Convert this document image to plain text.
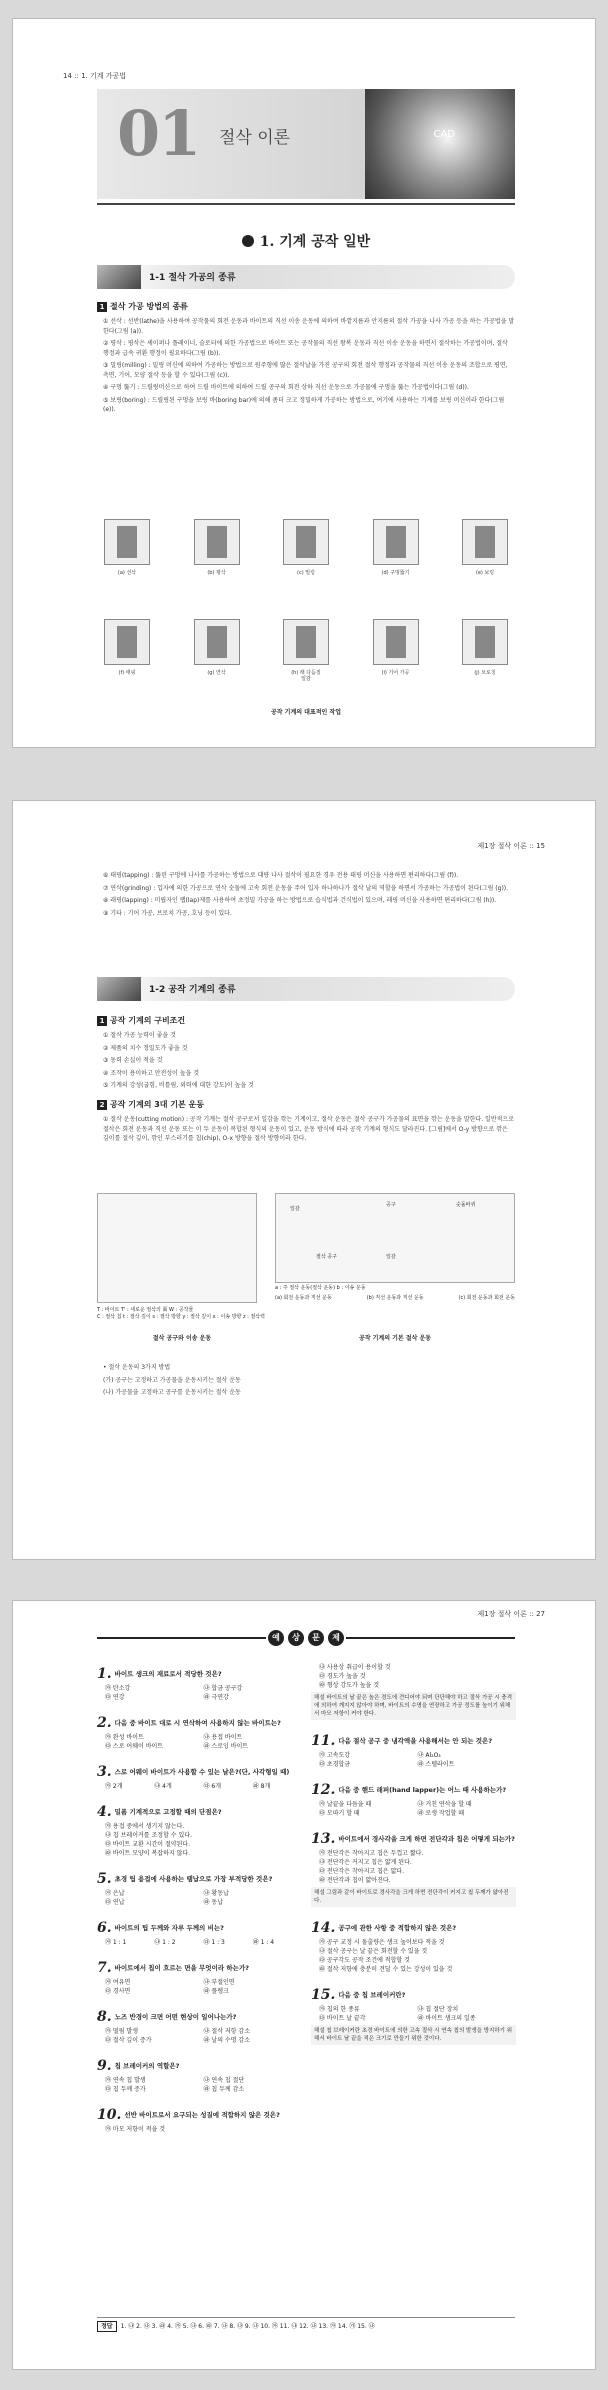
14 :: 1. 기계 가공법
01 절삭 이론	CAD
1. 기계 공작 일반
1-1 절삭 가공의 종류
1 절삭 가공 방법의 종류

① 선삭 : 선반(lathe)을 사용하여 공작물의 회전 운동과 바이트의 직선 이송 운동에 의하여 바깥지름과 안지름의 절삭 가공을 나사 가공 등을 하는 가공법을 말한다(그림 (a)).

② 평삭 : 평삭은 셰이퍼나 플레이너, 슬로터에 의한 가공법으로 바이트 또는 공작물의 직선 왕복 운동과 직선 이송 운동을 하면서 절삭하는 가공법이며, 절삭 행정과 급속 귀환 행정이 필요하다(그림 (b)).

③ 밀링(milling) : 밀링 머신에 의하여 가공하는 방법으로 원주형에 많은 절삭날을 가진 공구의 회전 절삭 행정과 공작물의 직선 이송 운동의 조합으로 평면, 측면, 기어, 모양 절삭 등을 할 수 있다(그림 (c)).

④ 구멍 뚫기 : 드릴링머신으로 하여 드릴 바이트에 의하여 드릴 공구의 회전 상하 직선 운동으로 가공물에 구멍을 뚫는 가공법이다(그림 (d)).

⑤ 보링(boring) : 드릴링된 구멍을 보링 바(boring bar)에 의해 좀더 크고 정밀하게 가공하는 방법으로, 여기에 사용하는 기계를 보링 머신이라 한다(그림 (e)).

(a) 선삭	(b) 평삭	(c) 밀링	(d) 구멍뚫기	(e) 보링
(f) 태핑	(g) 연삭	(h) 래 다듬질
일감
(i) 기어 가공	(j) 브로칭
공작 기계의 대표적인 작업
제1장 절삭 이론 :: 15

⑥ 태핑(tapping) : 뚫린 구멍에 나사를 가공하는 방법으로 대량 나사 절삭이 필요한 경우 전용 태핑 머신을 사용하면 편리하다(그림 (f)).

⑦ 연삭(grinding) : 입자에 의한 가공으로 연삭 숫돌에 고속 회전 운동을 주어 입자 하나하나가 절삭 날의 역할을 하면서 가공하는 가공법이 된다(그림 (g)).

⑧ 래핑(lapping) : 미립자인 랩(lap)제를 사용하여 초정밀 가공을 하는 방법으로 습식법과 건식법이 있으며, 래핑 머신을 사용하면 편리하다(그림 (h)).

⑨ 기타 : 기어 가공, 브로치 가공, 호닝 등이 있다.

1-2 공작 기계의 종류
1 공작 기계의 구비조건
① 절삭 가공 능력이 좋을 것
② 제품의 치수 정밀도가 좋을 것
③ 동력 손실이 적을 것
④ 조작이 용이하고 안전성이 높을 것
⑤ 기계의 강성(굽힘, 비틀림, 외력에 대한 강도)이 높을 것
2 공작 기계의 3대 기본 운동
① 절삭 운동(cutting motion) : 공작 기계는 절삭 공구로서 일감을 깎는 기계이고, 절삭 운동은 절삭 공구가 가공물의 표면을 깎는 운동을 말한다. 일반적으로 절삭은 회전 운동과 직선 운동 또는 이 두 운동이 복합된 형식의 운동이 있고, 운동 방식에 따라 공작 기계의 형식도 달라진다. [그림]에서 O-y 방향으로 깎은 깊이를 절삭 깊이, 깎인 부스러기를 칩(chip), O-x 방향을 절삭 방향이라 한다.
T : 바이트 T' : 새로운 절삭의 面 W : 공작물
C : 절삭 칩 t : 절삭 깊이 s : 절삭 방향 y : 절삭 깊이 x : 이송 방향 z : 절삭력
절삭 공구와 이송 운동
일감
절삭 공구
공구
일감
숫돌바퀴
a : 주 절삭 운동(절삭 운동) b : 이송 운동
(a) 회전 운동과 직선 운동	(b) 직선 운동과 직선 운동	(c) 회전 운동과 회전 운동
공작 기계의 기본 절삭 운동
• 절삭 운동의 3가지 방법
(가) 공구는 고정하고 가공물을 운동시키는 절삭 운동
(나) 가공물을 고정하고 공구를 운동시키는 절삭 운동
제1장 절삭 이론 :: 27
예	상	문	제
1. 바이트 생크의 재료로서 적당한 것은?
㉮ 탄소강	㉯ 합금 공구강
㉰ 연강	㉱ 극연강
2. 다음 중 바이트 대로 시 연삭하여 사용하지 않는 바이트는?
㉮ 완성 바이트	㉯ 용접 바이트
㉰ 스로 어웨이 바이트	㉱ 스로잉 바이트
3. 스로 어웨이 바이트가 사용할 수 있는 날은?(단, 사각형일 때)
㉮ 2개	㉯ 4개	㉰ 6개	㉱ 8개
4. 밀폼 기계적으로 고정할 때의 단점은?
㉮ 용접 중에서 생기지 않는다.
㉯ 칩 브레이커를 조정할 수 있다.
㉰ 바이트 교환 시간이 절약된다.
㉱ 바이트 모양이 복잡하지 않다.
5. 초경 팁 용접에 사용하는 땜납으로 가장 부적당한 것은?
㉮ 은납	㉯ 황동납
㉰ 연납	㉱ 동납
6. 바이트의 팁 두께와 자루 두께의 비는?
㉮ 1 : 1	㉯ 1 : 2	㉰ 1 : 3	㉱ 1 : 4
7. 바이트에서 칩이 흐르는 면을 무엇이라 하는가?
㉮ 여유면	㉯ 부절인면
㉰ 경사면	㉱ 플랭크
8. 노즈 반경이 크면 어떤 현상이 일어나는가?
㉮ 떨림 발생	㉯ 절삭 저항 감소
㉰ 절삭 깊이 증가	㉱ 날의 수명 감소
9. 칩 브레이커의 역할은?
㉮ 연속 칩 발생	㉯ 연속 칩 절단
㉰ 칩 두께 증가	㉱ 칩 두께 감소
10. 선반 바이트로서 요구되는 성질에 적합하지 않은 것은?
㉮ 마모 저항이 적을 것
㉯ 사용상 취급이 용이할 것
㉰ 경도가 높을 것
㉱ 형상 강도가 높을 것
해설 바이트의 날 끝은 높은 경도에 견디어야 되며 단단해야 하고 절삭 가공 시 충격에 의하여 깨지지 않아야 하며, 바이트의 수명을 연장하고 가공 정도를 높이기 위해서 마모 저항이 커야 한다.
11. 다음 절삭 공구 중 냉각액을 사용해서는 안 되는 것은?
㉮ 고속도강	㉯ Al₂O₃
㉰ 초경합금	㉱ 스텔라이트
12. 다음 중 핸드 래퍼(hand lapper)는 어느 때 사용하는가?
㉮ 날끝을 다듬을 때	㉯ 거친 연삭을 할 때
㉰ 모따기 할 때	㉱ 로생 작업할 때
13. 바이트에서 경사각을 크게 하면 전단각과 칩은 어떻게 되는가?
㉮ 전단각은 작아지고 칩은 두껍고 짧다.
㉯ 전단각은 커지고 칩은 얇게 된다.
㉰ 전단각은 작아지고 칩은 얇다.
㉱ 전단각과 칩이 얇아진다.
해설 그림과 같이 바이트로 경사각을 크게 하면 전단각이 커지고 칩 두께가 얇아진다.
14. 공구에 관한 사항 중 적합하지 않은 것은?
㉮ 공구 교정 시 돌출량은 생크 높이보다 적을 것
㉯ 절삭 공구는 날 끝은 회전할 수 있을 것
㉰ 공구각도 공작 조건에 적합할 것
㉱ 절삭 저항에 충분히 견딜 수 있는 강성이 있을 것
15. 다음 중 칩 브레이커란?
㉮ 칩의 한 종류	㉯ 칩 절단 장치
㉰ 바이트 날 끝각	㉱ 바이트 생크의 일종
해설 칩 브레이커란 초경 바이트에 의한 고속 절삭 시 연속 칩의 발생을 방지하기 위해서 바이트 날 끝을 적은 크기로 만들기 위한 것이다.
정답 1. ㉯ 2. ㉯ 3. ㉱ 4. ㉮ 5. ㉯ 6. ㉱ 7. ㉯ 8. ㉯ 9. ㉯ 10. ㉮ 11. ㉯ 12. ㉯ 13. ㉮ 14. ㉮ 15. ㉯
